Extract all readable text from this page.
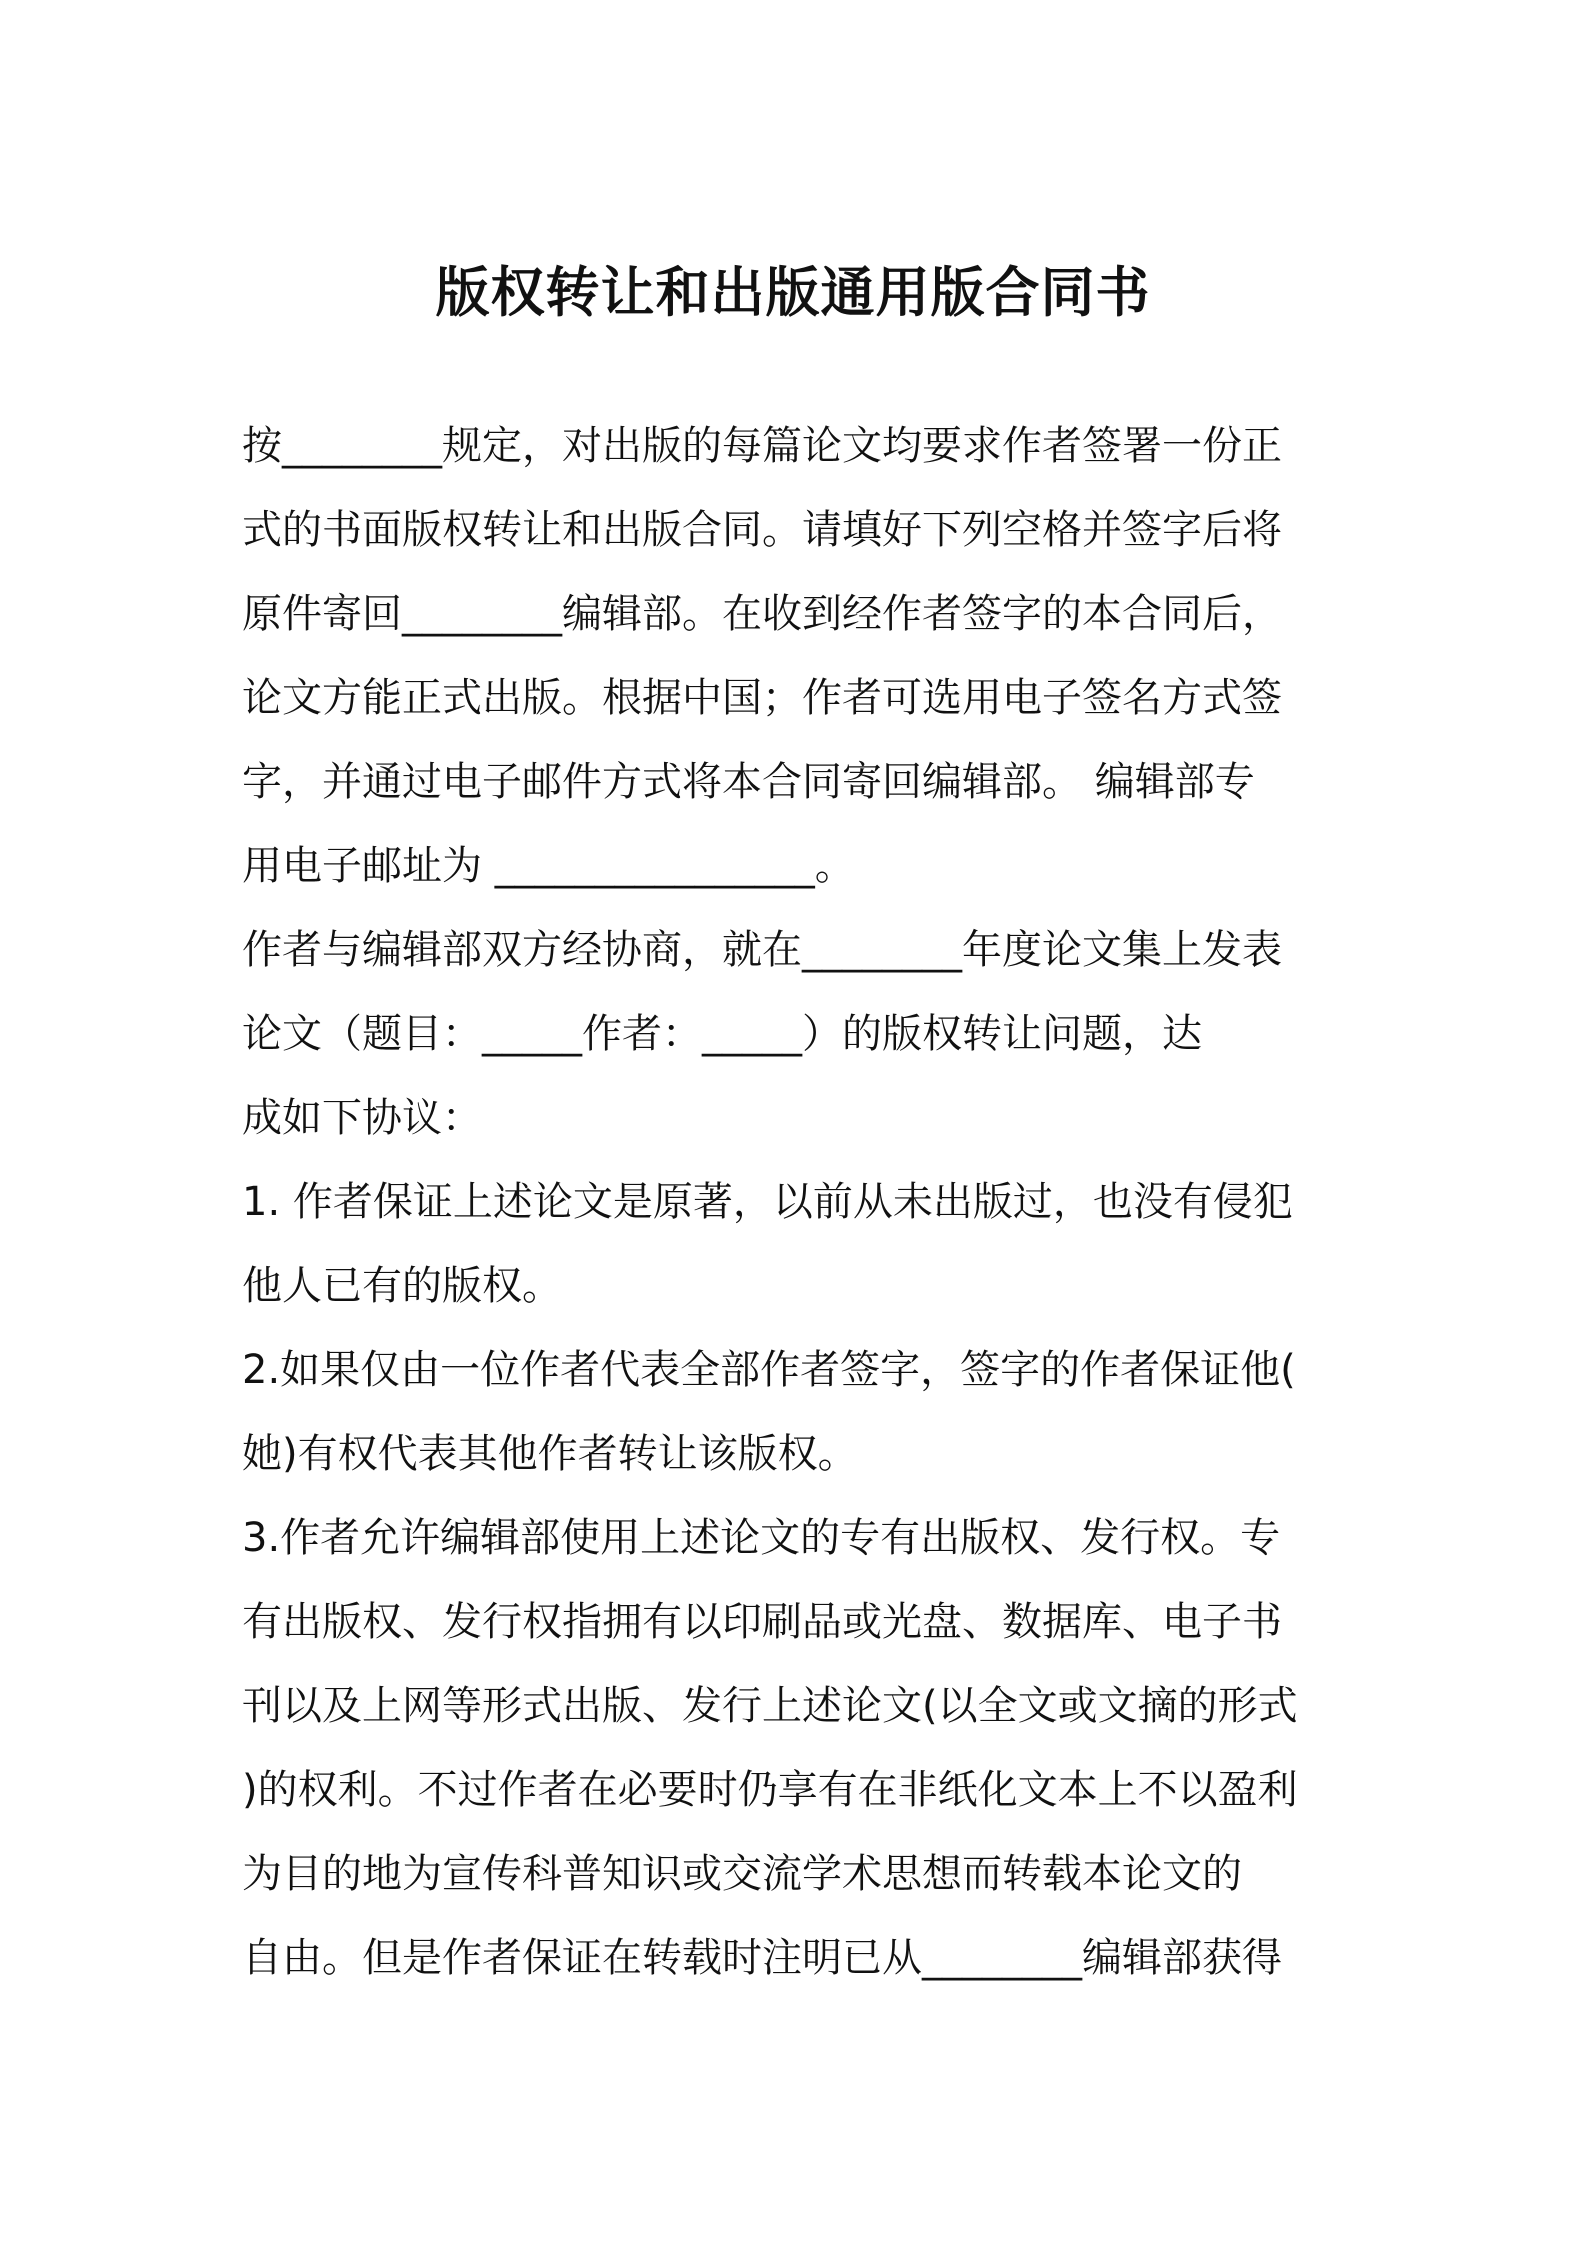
版权转让和出版通用版合同书
按________规定，对出版的每篇论文均要求作者签署一份正
式的书面版权转让和出版合同。请填好下列空格并签字后将
原件寄回________编辑部。在收到经作者签字的本合同后，
论文方能正式出版。根据中国；作者可选用电子签名方式签
字，并通过电子邮件方式将本合同寄回编辑部。 编辑部专
用电子邮址为 ________________。
作者与编辑部双方经协商，就在________年度论文集上发表
论文（题目：_____作者：_____）的版权转让问题，达
成如下协议：
1. 作者保证上述论文是原著，以前从未出版过，也没有侵犯
他人已有的版权。
2.如果仅由一位作者代表全部作者签字，签字的作者保证他(
她)有权代表其他作者转让该版权。
3.作者允许编辑部使用上述论文的专有出版权、发行权。专
有出版权、发行权指拥有以印刷品或光盘、数据库、电子书
刊以及上网等形式出版、发行上述论文(以全文或文摘的形式
)的权利。不过作者在必要时仍享有在非纸化文本上不以盈利
为目的地为宣传科普知识或交流学术思想而转载本论文的
自由。但是作者保证在转载时注明已从________编辑部获得
